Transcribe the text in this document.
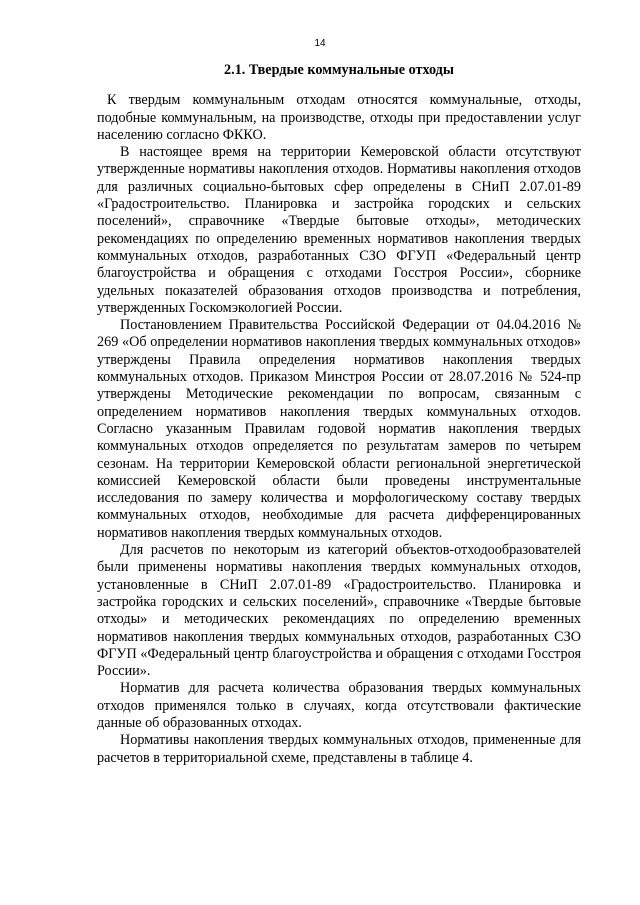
14
2.1. Твердые коммунальные отходы

К твердым коммунальным отходам относятся коммунальные, отходы, подобные коммунальным, на производстве, отходы при предоставлении услуг населению согласно ФККО.

В настоящее время на территории Кемеровской области отсутствуют утвержденные нормативы накопления отходов. Нормативы накопления отходов для различных социально-бытовых сфер определены в СНиП 2.07.01-89 «Градостроительство. Планировка и застройка городских и сельских поселений», справочнике «Твердые бытовые отходы», методических рекомендациях по определению временных нормативов накопления твердых коммунальных отходов, разработанных СЗО ФГУП «Федеральный центр благоустройства и обращения с отходами Госстроя России», сборнике удельных показателей образования отходов производства и потребления, утвержденных Госкомэкологией России.

Постановлением Правительства Российской Федерации от 04.04.2016 № 269 «Об определении нормативов накопления твердых коммунальных отходов» утверждены Правила определения нормативов накопления твердых коммунальных отходов. Приказом Минстроя России от 28.07.2016 № 524-пр утверждены Методические рекомендации по вопросам, связанным с определением нормативов накопления твердых коммунальных отходов. Согласно указанным Правилам годовой норматив накопления твердых коммунальных отходов определяется по результатам замеров по четырем сезонам. На территории Кемеровской области региональной энергетической комиссией Кемеровской области были проведены инструментальные исследования по замеру количества и морфологическому составу твердых коммунальных отходов, необходимые для расчета дифференцированных нормативов накопления твердых коммунальных отходов.

Для расчетов по некоторым из категорий объектов-отходообразователей были применены нормативы накопления твердых коммунальных отходов, установленные в СНиП 2.07.01-89 «Градостроительство. Планировка и застройка городских и сельских поселений», справочнике «Твердые бытовые отходы» и методических рекомендациях по определению временных нормативов накопления твердых коммунальных отходов, разработанных СЗО ФГУП «Федеральный центр благоустройства и обращения с отходами Госстроя России».

Норматив для расчета количества образования твердых коммунальных отходов применялся только в случаях, когда отсутствовали фактические данные об образованных отходах.

Нормативы накопления твердых коммунальных отходов, примененные для расчетов в территориальной схеме, представлены в таблице 4.
